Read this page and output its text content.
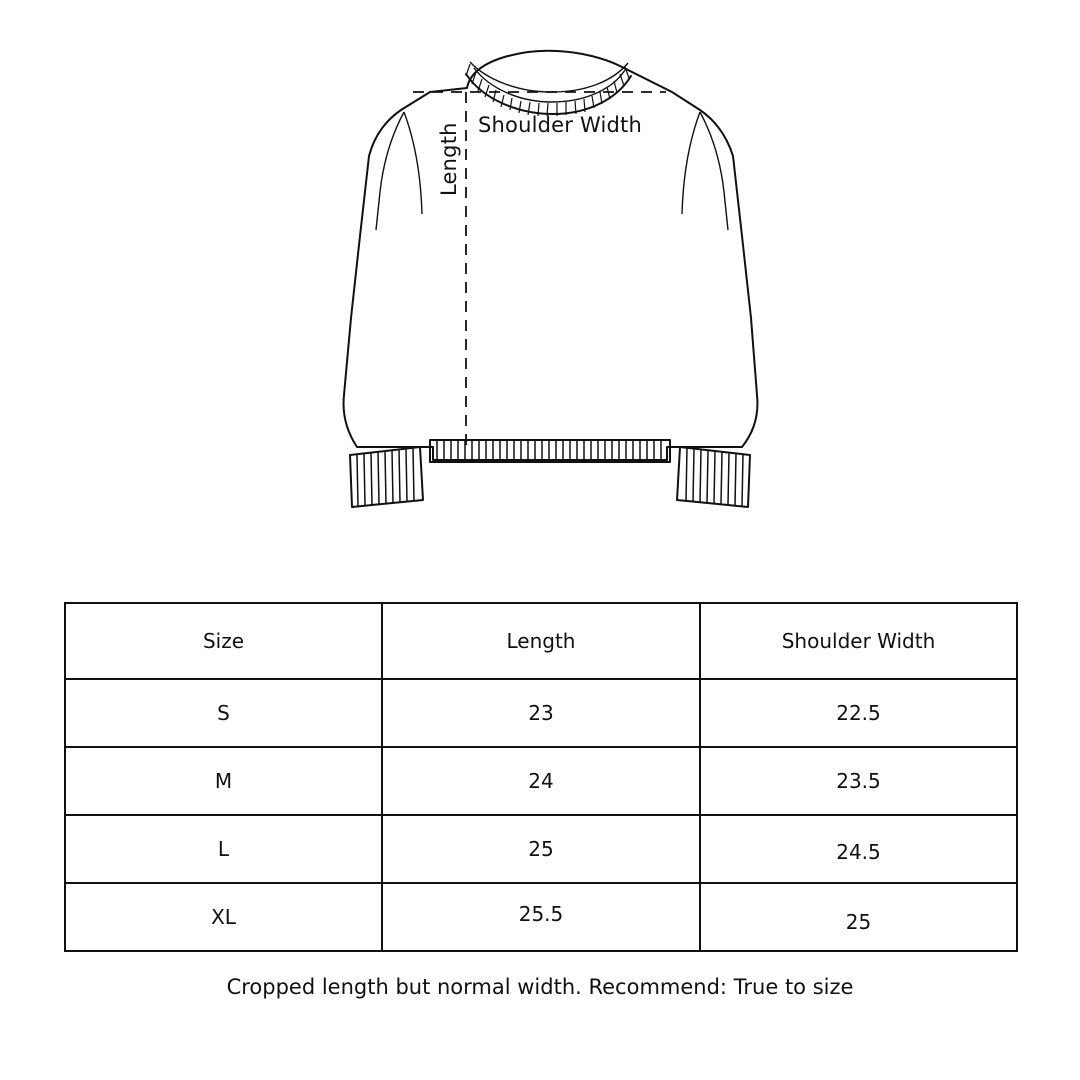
Shoulder Width
Length
Size	Length	Shoulder Width
S	23	22.5
M	24	23.5
L	25	24.5
XL	25.5	25
Cropped length but normal width. Recommend: True to size
